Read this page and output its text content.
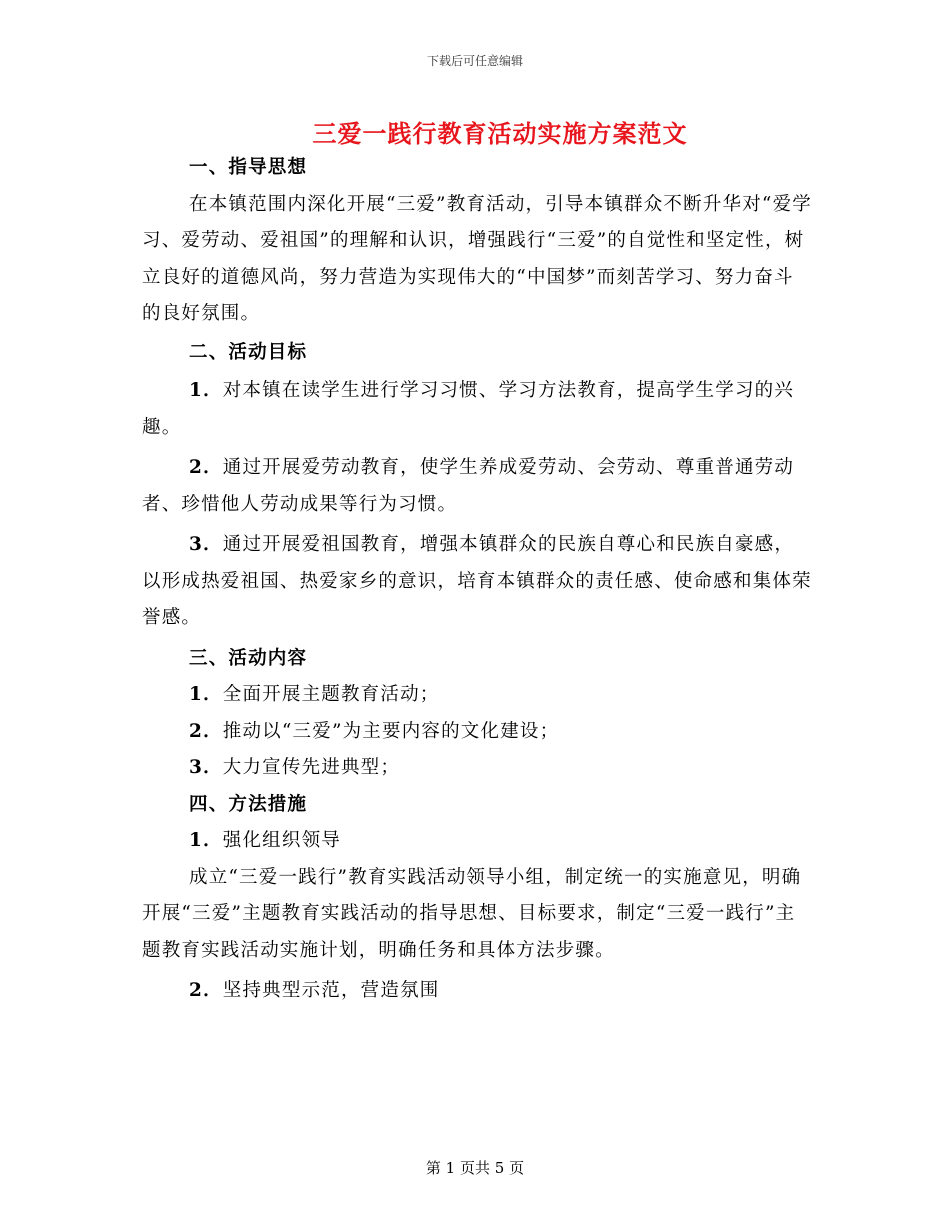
下载后可任意编辑
三爱一践行教育活动实施方案范文

一、指导思想

在本镇范围内深化开展“三爱”教育活动，引导本镇群众不断升华对“爱学习、爱劳动、爱祖国”的理解和认识，增强践行“三爱”的自觉性和坚定性，树立良好的道德风尚，努力营造为实现伟大的“中国梦”而刻苦学习、努力奋斗的良好氛围。

二、活动目标

1．对本镇在读学生进行学习习惯、学习方法教育，提高学生学习的兴趣。

2．通过开展爱劳动教育，使学生养成爱劳动、会劳动、尊重普通劳动者、珍惜他人劳动成果等行为习惯。

3．通过开展爱祖国教育，增强本镇群众的民族自尊心和民族自豪感，以形成热爱祖国、热爱家乡的意识，培育本镇群众的责任感、使命感和集体荣誉感。

三、活动内容

1．全面开展主题教育活动；

2．推动以“三爱”为主要内容的文化建设；

3．大力宣传先进典型；

四、方法措施

1．强化组织领导

成立“三爱一践行”教育实践活动领导小组，制定统一的实施意见，明确开展“三爱”主题教育实践活动的指导思想、目标要求，制定“三爱一践行”主题教育实践活动实施计划，明确任务和具体方法步骤。

2．坚持典型示范，营造氛围

第 1 页共 5 页
